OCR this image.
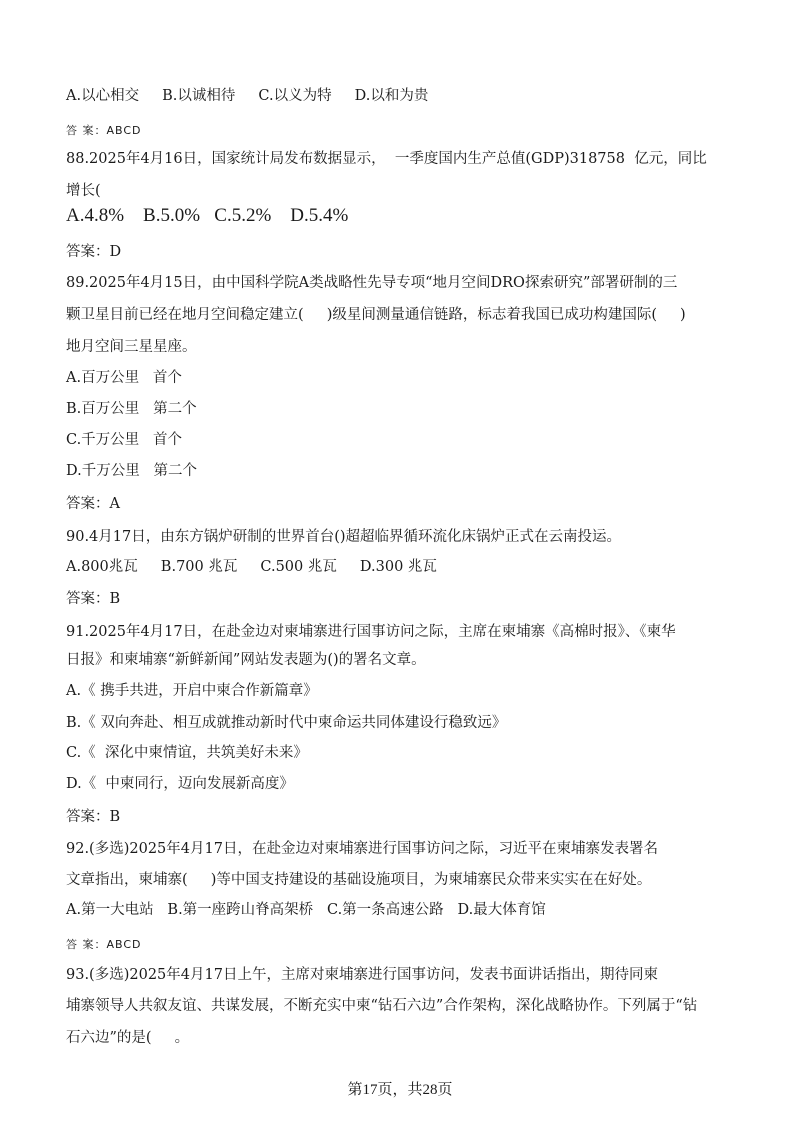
A.以心相交     B.以诚相待     C.以义为特     D.以和为贵
答 案：ABCD
88.2025年4月16日，国家统计局发布数据显示，  一季度国内生产总值(GDP)318758  亿元，同比
增长(
A.4.8%    B.5.0%   C.5.2%    D.5.4%
答案：D
89.2025年4月15日，由中国科学院A类战略性先导专项“地月空间DRO探索研究”部署研制的三
颗卫星目前已经在地月空间稳定建立(     )级星间测量通信链路，标志着我国已成功构建国际(     )
地月空间三星星座。
A.百万公里   首个
B.百万公里   第二个
C.千万公里   首个
D.千万公里   第二个
答案：A
90.4月17日，由东方锅炉研制的世界首台()超超临界循环流化床锅炉正式在云南投运。
A.800兆瓦     B.700 兆瓦     C.500 兆瓦     D.300 兆瓦
答案：B
91.2025年4月17日，在赴金边对柬埔寨进行国事访问之际，主席在柬埔寨《高棉时报》、《柬华
日报》和柬埔寨“新鲜新闻”网站发表题为()的署名文章。
A.《 携手共进，开启中柬合作新篇章》
B.《 双向奔赴、相互成就推动新时代中柬命运共同体建设行稳致远》
C.《  深化中柬情谊，共筑美好未来》
D.《  中柬同行，迈向发展新高度》
答案：B
92.(多选)2025年4月17日，在赴金边对柬埔寨进行国事访问之际，习近平在柬埔寨发表署名
文章指出，柬埔寨(     )等中国支持建设的基础设施项目，为柬埔寨民众带来实实在在好处。
A.第一大电站   B.第一座跨山脊高架桥   C.第一条高速公路   D.最大体育馆
答 案：ABCD
93.(多选)2025年4月17日上午，主席对柬埔寨进行国事访问，发表书面讲话指出，期待同柬
埔寨领导人共叙友谊、共谋发展，不断充实中柬“钻石六边”合作架构，深化战略协作。下列属于“钻
石六边”的是(     。
第17页，共28页
